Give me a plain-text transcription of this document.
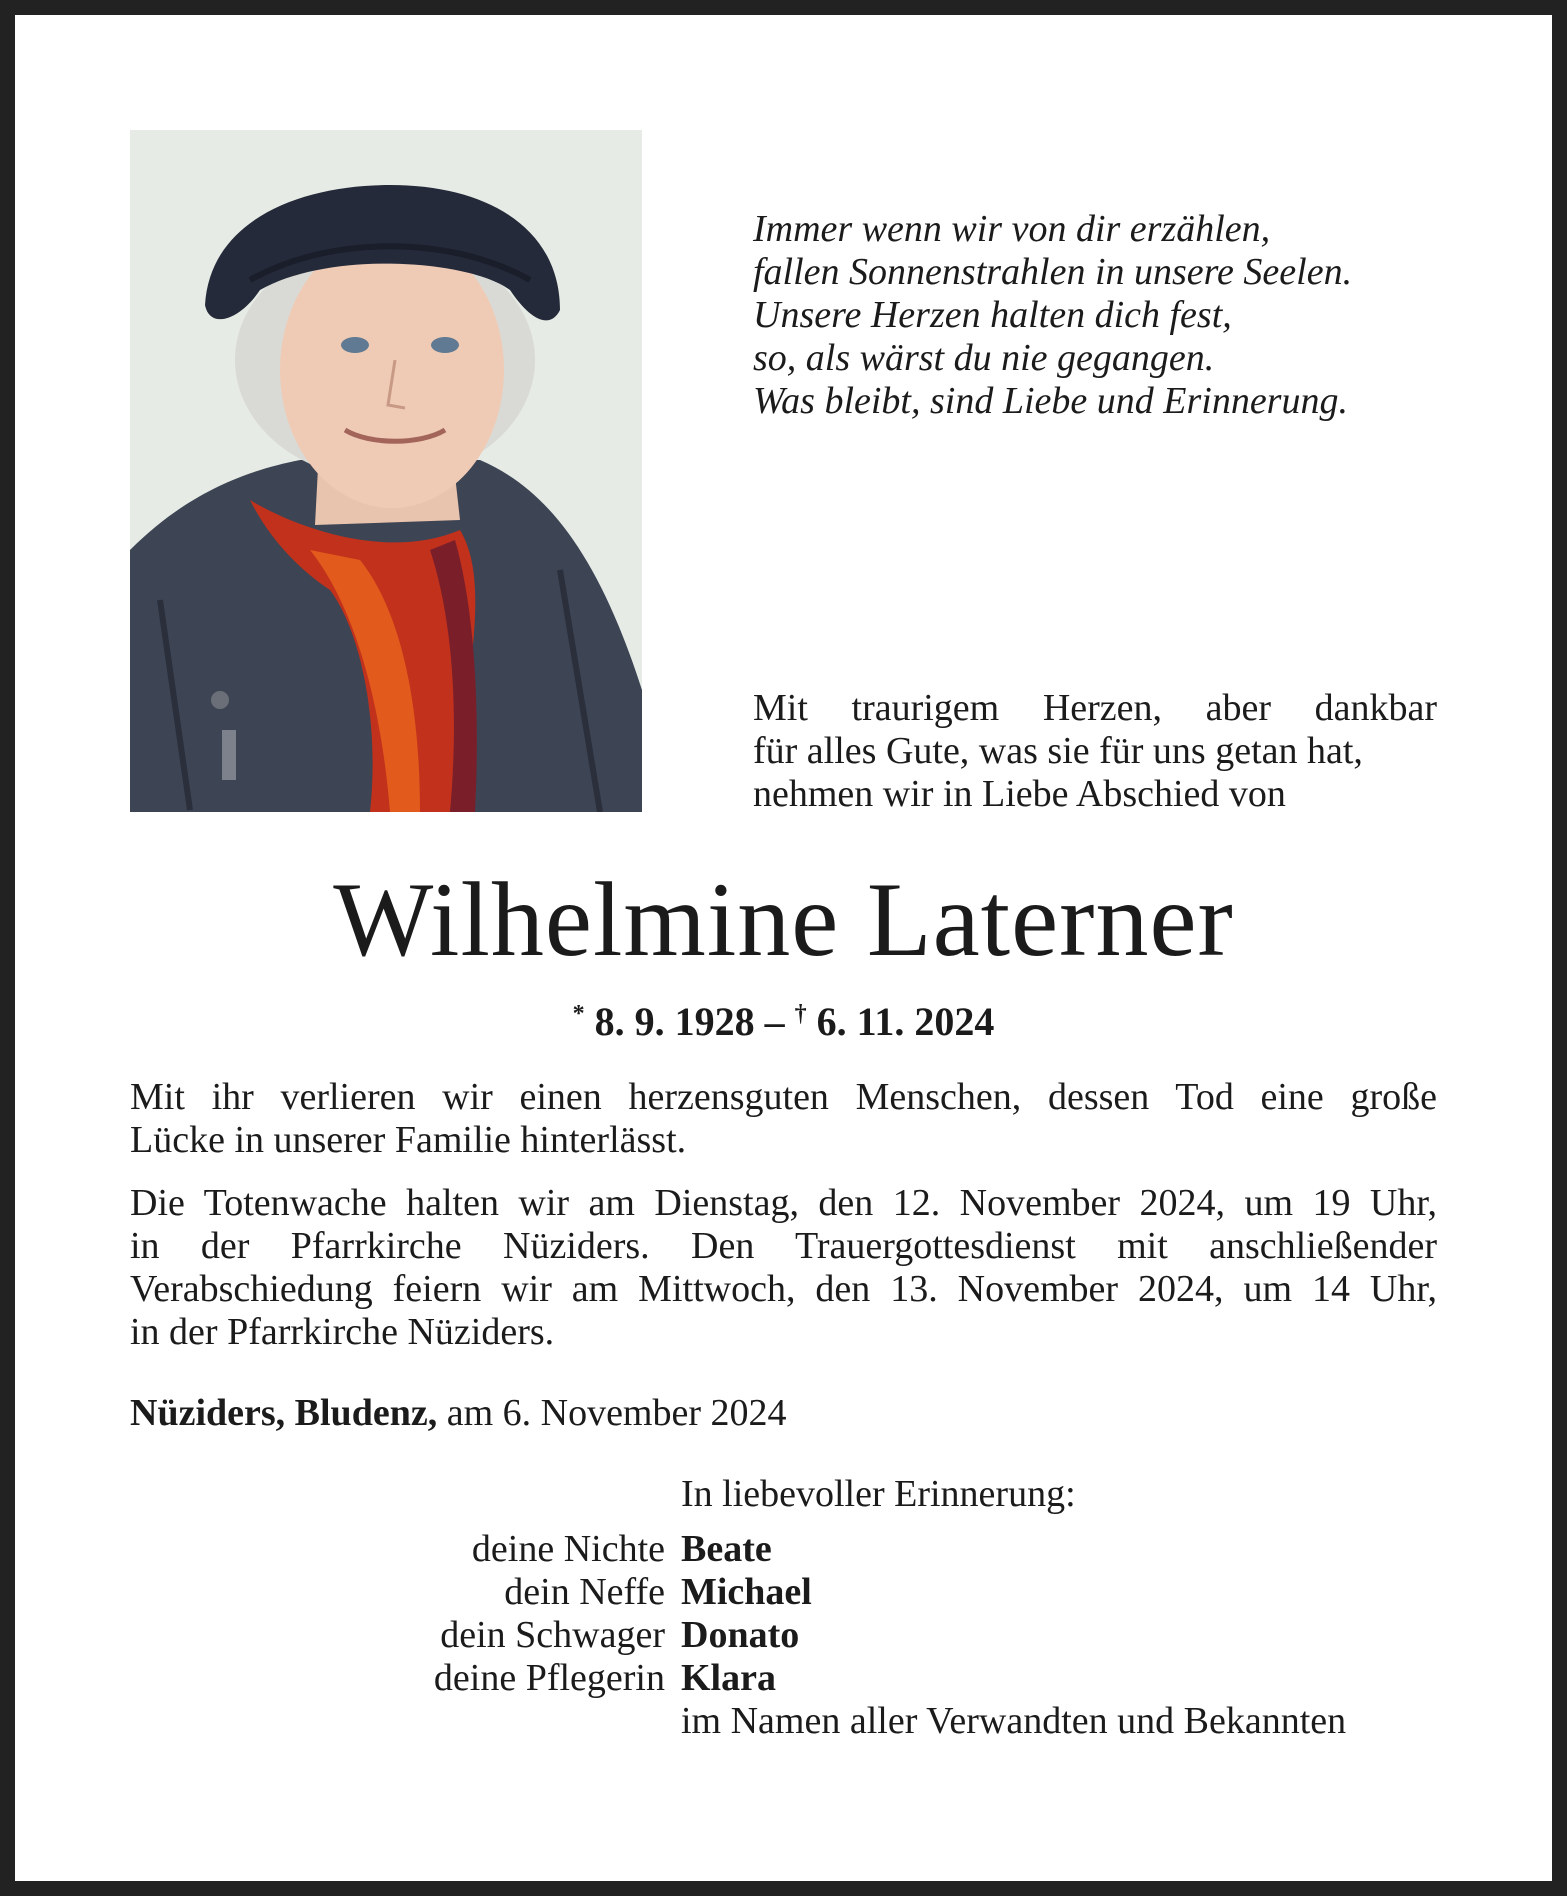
Immer wenn wir von dir erzählen,
fallen Sonnenstrahlen in unsere Seelen.
Unsere Herzen halten dich fest,
so, als wärst du nie gegangen.
Was bleibt, sind Liebe und Erinnerung.
Mit traurigem Herzen, aber dankbar
für alles Gute, was sie für uns getan hat,
nehmen wir in Liebe Abschied von
Wilhelmine Laterner
* 8. 9. 1928 – † 6. 11. 2024
Mit ihr verlieren wir einen herzensguten Menschen, dessen Tod eine große
Lücke in unserer Familie hinterlässt.
Die Totenwache halten wir am Dienstag, den 12. November 2024, um 19 Uhr,
in der Pfarrkirche Nüziders. Den Trauergottesdienst mit anschließender
Verabschiedung feiern wir am Mittwoch, den 13. November 2024, um 14 Uhr,
in der Pfarrkirche Nüziders.
Nüziders, Bludenz, am 6. November 2024
In liebevoller Erinnerung:
deine Nichte Beate
dein Neffe Michael
dein Schwager Donato
deine Pflegerin Klara
im Namen aller Verwandten und Bekannten
